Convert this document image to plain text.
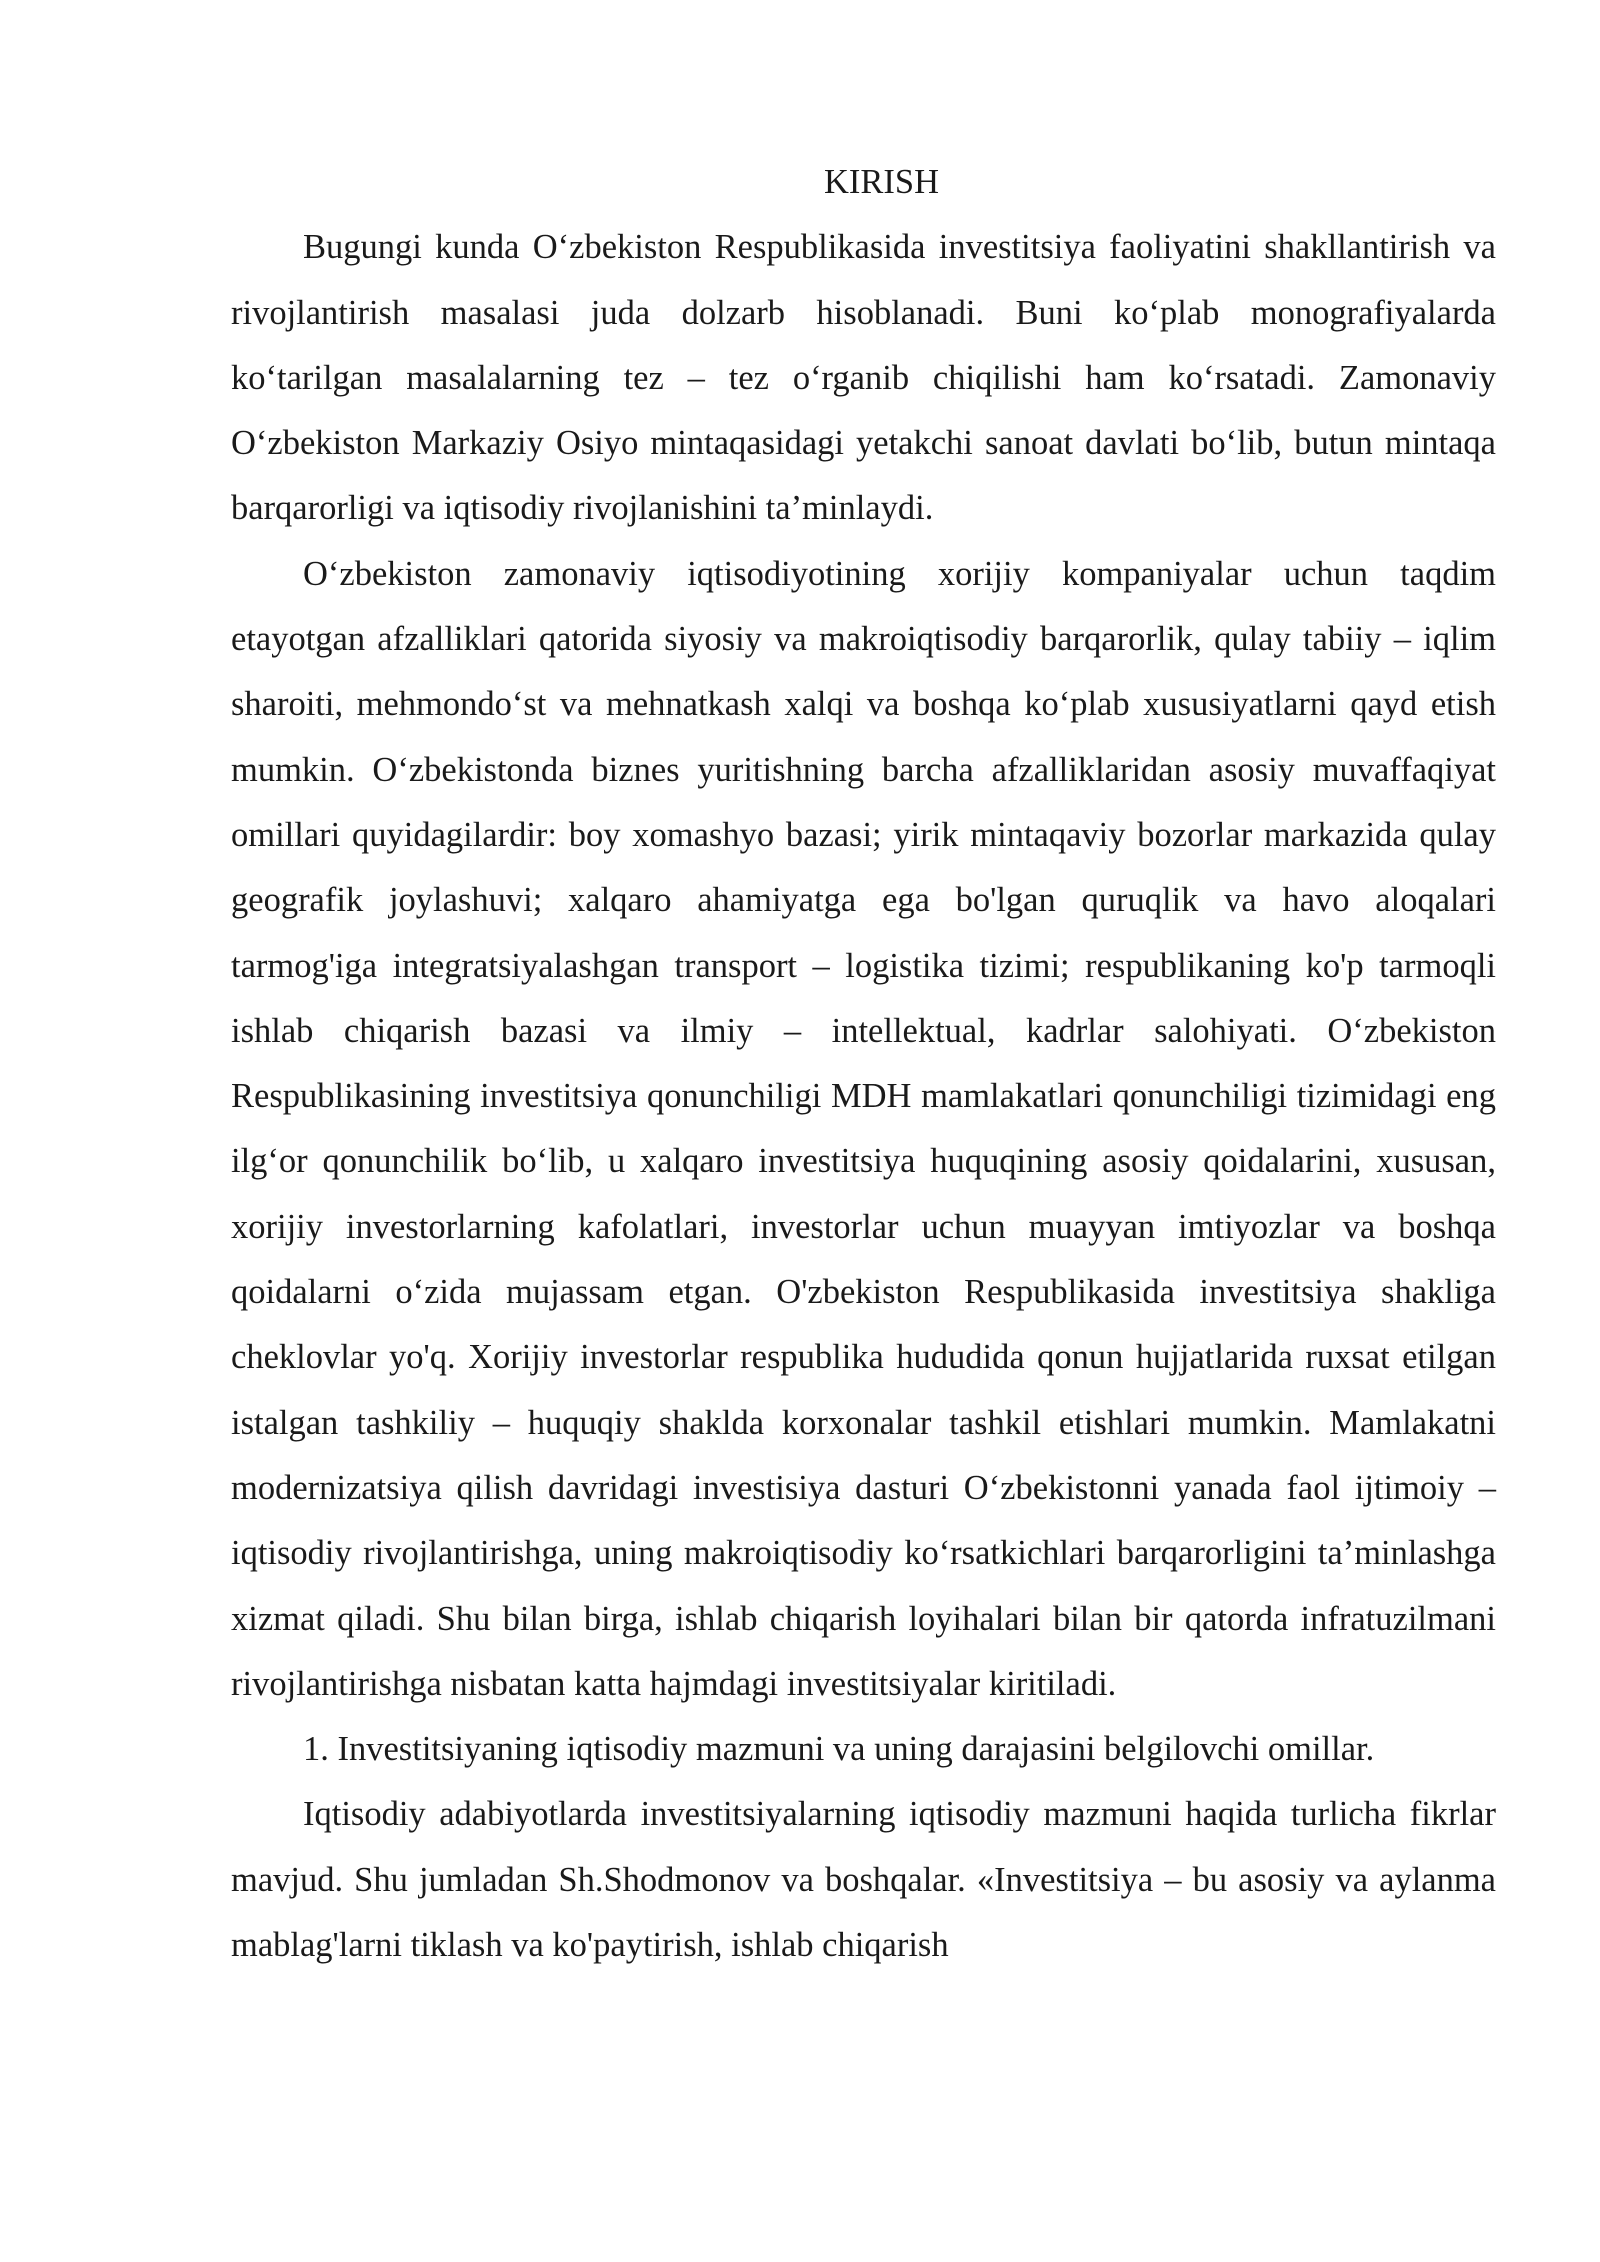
KIRISH

Bugungi kunda O‘zbekiston Respublikasida investitsiya faoliyatini shakllantirish va rivojlantirish masalasi juda dolzarb hisoblanadi. Buni ko‘plab monografiyalarda ko‘tarilgan masalalarning tez – tez o‘rganib chiqilishi ham ko‘rsatadi. Zamonaviy O‘zbekiston Markaziy Osiyo mintaqasidagi yetakchi sanoat davlati bo‘lib, butun mintaqa barqarorligi va iqtisodiy rivojlanishini ta’minlaydi.

O‘zbekiston zamonaviy iqtisodiyotining xorijiy kompaniyalar uchun taqdim etayotgan afzalliklari qatorida siyosiy va makroiqtisodiy barqarorlik, qulay tabiiy – iqlim sharoiti, mehmondo‘st va mehnatkash xalqi va boshqa ko‘plab xususiyatlarni qayd etish mumkin. O‘zbekistonda biznes yuritishning barcha afzalliklaridan asosiy muvaffaqiyat omillari quyidagilardir: boy xomashyo bazasi; yirik mintaqaviy bozorlar markazida qulay geografik joylashuvi; xalqaro ahamiyatga ega bo'lgan quruqlik va havo aloqalari tarmog'iga integratsiyalashgan transport – logistika tizimi; respublikaning ko'p tarmoqli ishlab chiqarish bazasi va ilmiy – intellektual, kadrlar salohiyati. O‘zbekiston Respublikasining investitsiya qonunchiligi MDH mamlakatlari qonunchiligi tizimidagi eng ilg‘or qonunchilik bo‘lib, u xalqaro investitsiya huquqining asosiy qoidalarini, xususan, xorijiy investorlarning kafolatlari, investorlar uchun muayyan imtiyozlar va boshqa qoidalarni o‘zida mujassam etgan. O'zbekiston Respublikasida investitsiya shakliga cheklovlar yo'q. Xorijiy investorlar respublika hududida qonun hujjatlarida ruxsat etilgan istalgan tashkiliy – huquqiy shaklda korxonalar tashkil etishlari mumkin. Mamlakatni modernizatsiya qilish davridagi investisiya dasturi O‘zbekistonni yanada faol ijtimoiy – iqtisodiy rivojlantirishga, uning makroiqtisodiy ko‘rsatkichlari barqarorligini ta’minlashga xizmat qiladi. Shu bilan birga, ishlab chiqarish loyihalari bilan bir qatorda infratuzilmani rivojlantirishga nisbatan katta hajmdagi investitsiyalar kiritiladi.

1. Investitsiyaning iqtisodiy mazmuni va uning darajasini belgilovchi omillar.

Iqtisodiy adabiyotlarda investitsiyalarning iqtisodiy mazmuni haqida turlicha fikrlar mavjud. Shu jumladan Sh.Shodmonov va boshqalar. «Investitsiya – bu asosiy va aylanma mablag'larni tiklash va ko'paytirish, ishlab chiqarish
